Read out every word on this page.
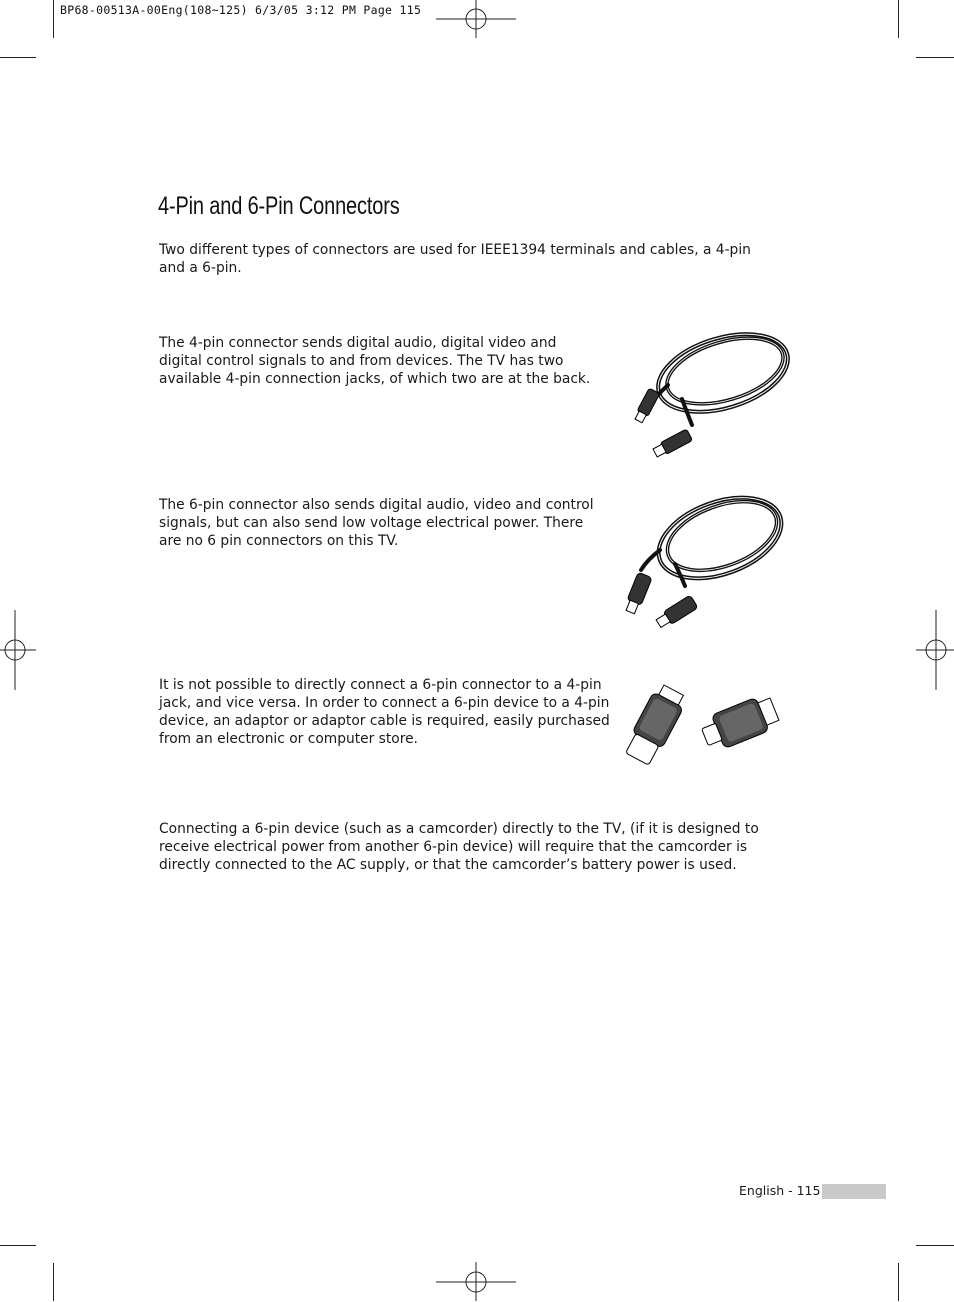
BP68-00513A-00Eng(108~125) 6/3/05 3:12 PM Page 115
4-Pin and 6-Pin Connectors
Two different types of connectors are used for IEEE1394 terminals and cables, a 4-pin and a 6-pin.
The 4-pin connector sends digital audio, digital video and digital control signals to and from devices. The TV has two available 4-pin connection jacks, of which two are at the back.
The 6-pin connector also sends digital audio, video and control signals, but can also send low voltage electrical power. There are no 6 pin connectors on this TV.
It is not possible to directly connect a 6-pin connector to a 4-pin jack, and vice versa. In order to connect a 6-pin device to a 4-pin device, an adaptor or adaptor cable is required, easily purchased from an electronic or computer store.
Connecting a 6-pin device (such as a camcorder) directly to the TV, (if it is designed to receive electrical power from another 6-pin device) will require that the camcorder is directly connected to the AC supply, or that the camcorder’s battery power is used.
English - 115
